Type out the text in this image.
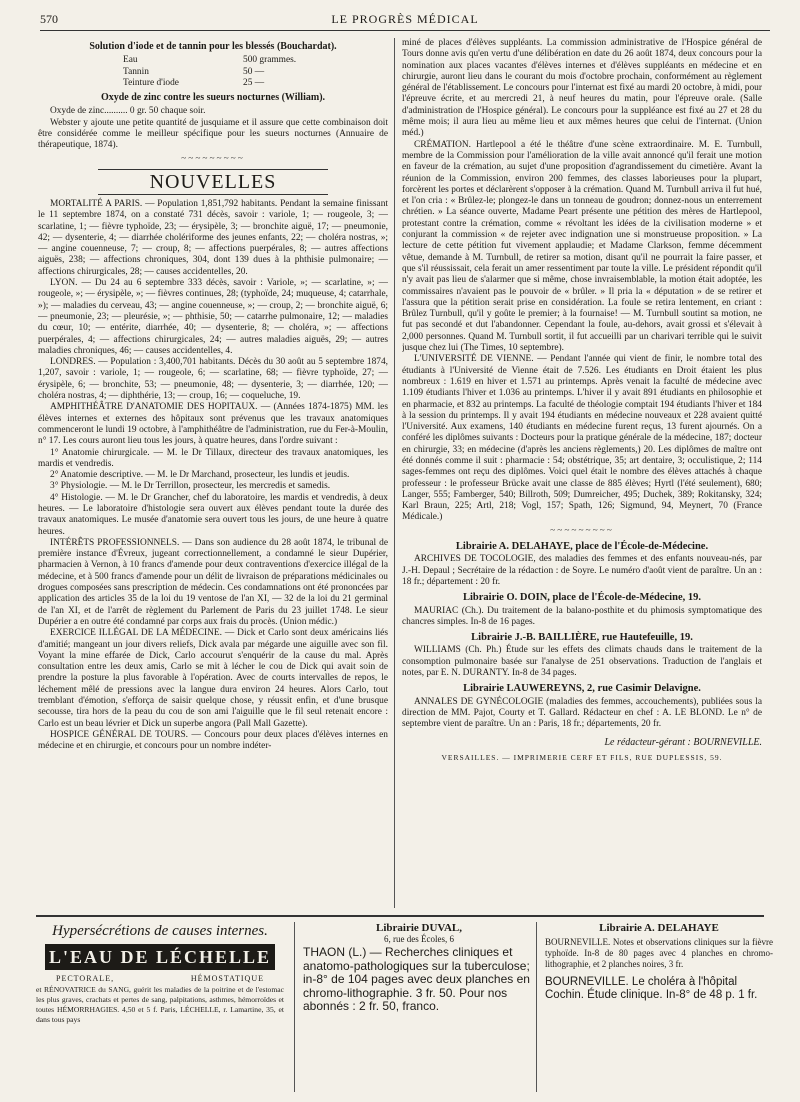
570	LE PROGRÈS MÉDICAL

Solution d'iode et de tannin pour les blessés (Bouchardat).

Eau	500 grammes.
Tannin	50 —
Teinture d'iode	25 —

Oxyde de zinc contre les sueurs nocturnes (William).

Oxyde de zinc.......... 0 gr. 50 chaque soir.

Webster y ajoute une petite quantité de jusquiame et il assure que cette combinaison doit être considérée comme le meilleur spécifique pour les sueurs nocturnes (Annuaire de thérapeutique, 1874).

~~~~~~~~~
NOUVELLES

MORTALITÉ A PARIS. — Population 1,851,792 habitants. Pendant la semaine finissant le 11 septembre 1874, on a constaté 731 décès, savoir : variole, 1; — rougeole, 3; — scarlatine, 1; — fièvre typhoïde, 23; — érysipèle, 3; — bronchite aiguë, 17; — pneumonie, 42; — dysenterie, 4; — diarrhée cholériforme des jeunes enfants, 22; — choléra nostras, »; — angine couenneuse, 7; — croup, 8; — affections puerpérales, 8; — autres affections aiguës, 238; — affections chroniques, 304, dont 139 dues à la phthisie pulmonaire; — affections chirurgicales, 28; — causes accidentelles, 20.

LYON. — Du 24 au 6 septembre 333 décès, savoir : Variole, »; — scarlatine, »; — rougeole, »; — érysipèle, »; — fièvres continues, 28; (typhoïde, 24; muqueuse, 4; catarrhale, »); — maladies du cerveau, 43; — angine couenneuse, »; — croup, 2; — bronchite aiguë, 6; — pneumonie, 23; — pleurésie, »; — phthisie, 50; — catarrhe pulmonaire, 12; — maladies du cœur, 10; — entérite, diarrhée, 40; — dysenterie, 8; — choléra, »; — affections puerpérales, 4; — affections chirurgicales, 24; — autres maladies aiguës, 29; — autres maladies chroniques, 46; — causes accidentelles, 4.

LONDRES. — Population : 3,400,701 habitants. Décès du 30 août au 5 septembre 1874, 1,207, savoir : variole, 1; — rougeole, 6; — scarlatine, 68; — fièvre typhoïde, 27; — érysipèle, 6; — bronchite, 53; — pneumonie, 48; — dysenterie, 3; — diarrhée, 120; — choléra nostras, 4; — diphthérie, 13; — croup, 16; — coqueluche, 19.

AMPHITHÉÂTRE D'ANATOMIE DES HOPITAUX. — (Années 1874-1875) MM. les élèves internes et externes des hôpitaux sont prévenus que les travaux anatomiques commenceront le lundi 19 octobre, à l'amphithéâtre de l'administration, rue du Fer-à-Moulin, n° 17. Les cours auront lieu tous les jours, à quatre heures, dans l'ordre suivant :

1° Anatomie chirurgicale. — M. le Dr Tillaux, directeur des travaux anatomiques, les mardis et vendredis.

2° Anatomie descriptive. — M. le Dr Marchand, prosecteur, les lundis et jeudis.

3° Physiologie. — M. le Dr Terrillon, prosecteur, les mercredis et samedis.

4° Histologie. — M. le Dr Grancher, chef du laboratoire, les mardis et vendredis, à deux heures. — Le laboratoire d'histologie sera ouvert aux élèves pendant toute la durée des travaux anatomiques. Le musée d'anatomie sera ouvert tous les jours, de une heure à quatre heures.

INTÉRÊTS PROFESSIONNELS. — Dans son audience du 28 août 1874, le tribunal de première instance d'Évreux, jugeant correctionnellement, a condamné le sieur Dupérier, pharmacien à Vernon, à 10 francs d'amende pour deux contraventions d'exercice illégal de la médecine, et à 500 francs d'amende pour un délit de livraison de préparations médicinales ou drogues composées sans prescription de médecin. Ces condamnations ont été prononcées par application des articles 35 de la loi du 19 ventose de l'an XI, — 32 de la loi du 21 germinal de l'an XI, et de l'arrêt de règlement du Parlement de Paris du 23 juillet 1748. Le sieur Dupérier a en outre été condamné par corps aux frais du procès. (Union médic.)

EXERCICE ILLÉGAL DE LA MÉDECINE. — Dick et Carlo sont deux américains liés d'amitié; mangeant un jour divers reliefs, Dick avala par mégarde une aiguille avec son fil. Voyant la mine effarée de Dick, Carlo accourut s'enquérir de la cause du mal. Après consultation entre les deux amis, Carlo se mit à lécher le cou de Dick qui avait soin de prendre la posture la plus favorable à l'opération. Avec de courts intervalles de repos, le léchement mêlé de pressions avec la langue dura environ 24 heures. Alors Carlo, tout tremblant d'émotion, s'efforça de saisir quelque chose, y réussit enfin, et d'une brusque secousse, tira hors de la peau du cou de son ami l'aiguille que le fil seul retenait encore : Carlo est un beau lévrier et Dick un superbe angora (Pall Mall Gazette).

HOSPICE GÉNÉRAL DE TOURS. — Concours pour deux places d'élèves internes en médecine et en chirurgie, et concours pour un nombre indéter-

miné de places d'élèves suppléants. La commission administrative de l'Hospice général de Tours donne avis qu'en vertu d'une délibération en date du 26 août 1874, deux concours pour la nomination aux places vacantes d'élèves internes et d'élèves suppléants en médecine et en chirurgie, auront lieu dans le courant du mois d'octobre prochain, conformément au règlement général de l'établissement. Le concours pour l'internat est fixé au mardi 20 octobre, à midi, pour l'épreuve écrite, et au mercredi 21, à neuf heures du matin, pour l'épreuve orale. (Salle d'administration de l'Hospice général). Le concours pour la suppléance est fixé au 27 et 28 du même mois; il aura lieu au même lieu et aux mêmes heures que celui de l'internat. (Union méd.)

CRÉMATION. Hartlepool a été le théâtre d'une scène extraordinaire. M. E. Turnbull, membre de la Commission pour l'amélioration de la ville avait annoncé qu'il ferait une motion en faveur de la crémation, au sujet d'une proposition d'agrandissement du cimetière. Avant la réunion de la Commission, environ 200 femmes, des classes laborieuses pour la plupart, forcèrent les portes et déclarèrent s'opposer à la crémation. Quand M. Turnbull arriva il fut hué, et l'on cria : « Brûlez-le; plongez-le dans un tonneau de goudron; donnez-nous un enterrement chrétien. » La séance ouverte, Madame Peart présente une pétition des mères de Hartlepool, protestant contre la crémation, comme « révoltant les idées de la civilisation moderne » et conjurant la commission « de rejeter avec indignation une si monstrueuse proposition. » La lecture de cette pétition fut vivement applaudie; et Madame Clarkson, femme décemment vêtue, demande à M. Turnbull, de retirer sa motion, disant qu'il ne pourrait la faire passer, et que s'il réussissait, cela ferait un amer ressentiment par toute la ville. Le président répondit qu'il n'y avait pas lieu de s'alarmer que si même, chose invraisemblable, la motion était adoptée, les commissaires n'avaient pas le pouvoir de « brûler. » Il pria la « députation » de se retirer et l'assura que la pétition serait prise en considération. La foule se retira lentement, en criant : Brûlez Turnbull, qu'il y goûte le premier; à la fournaise! — M. Turnbull soutint sa motion, ne fut pas secondé et dut l'abandonner. Cependant la foule, au-dehors, avait grossi et s'élevait à 2,000 personnes. Quand M. Turnbull sortit, il fut accueilli par un charivari terrible qui le suivit jusque chez lui (The Times, 10 septembre).

L'UNIVERSITÉ DE VIENNE. — Pendant l'année qui vient de finir, le nombre total des étudiants à l'Université de Vienne était de 7.526. Les étudiants en Droit étaient les plus nombreux : 1.619 en hiver et 1.571 au printemps. Après venait la faculté de médecine avec 1.109 étudiants l'hiver et 1.036 au printemps. L'hiver il y avait 891 étudiants en philosophie et en pharmacie, et 832 au printemps. La faculté de théologie comptait 194 étudiants l'hiver et 184 à la session du printemps. Il y avait 194 étudiants en médecine nouveaux et 228 avaient quitté l'Université. Aux examens, 140 étudiants en médecine furent reçus, 13 furent ajournés. On a conféré les diplômes suivants : Docteurs pour la pratique générale de la médecine, 187; docteur en chirurgie, 33; en médecine (d'après les anciens règlements,) 20. Les diplômes de maître ont été donnés comme il suit : pharmacie : 54; obstétrique, 35; art dentaire, 3; occulistique, 2; 114 sages-femmes ont reçu des diplômes. Voici quel était le nombre des élèves attachés à chaque professeur : le professeur Brücke avait une classe de 885 élèves; Hyrtl (l'été seulement), 680; Langer, 555; Famberger, 540; Billroth, 509; Dumreicher, 495; Duchek, 389; Rokitansky, 324; Karl Braun, 225; Artl, 218; Vogl, 157; Spath, 126; Sigmund, 94, Meynert, 70 (France Médicale.)

~~~~~~~~~

Librairie A. DELAHAYE, place de l'École-de-Médecine.

ARCHIVES DE TOCOLOGIE, des maladies des femmes et des enfants nouveau-nés, par J.-H. Depaul ; Secrétaire de la rédaction : de Soyre. Le numéro d'août vient de paraître. Un an : 18 fr.; département : 20 fr.

Librairie O. DOIN, place de l'École-de-Médecine, 19.

MAURIAC (Ch.). Du traitement de la balano-posthite et du phimosis symptomatique des chancres simples. In-8 de 16 pages.

Librairie J.-B. BAILLIÈRE, rue Hautefeuille, 19.

WILLIAMS (Ch. Ph.) Étude sur les effets des climats chauds dans le traitement de la consomption pulmonaire basée sur l'analyse de 251 observations. Traduction de l'anglais et notes, par E. N. DURANTY. In-8 de 34 pages.

Librairie LAUWEREYNS, 2, rue Casimir Delavigne.

ANNALES DE GYNÉCOLOGIE (maladies des femmes, accouchements), publiées sous la direction de MM. Pajot, Courty et T. Gallard. Rédacteur en chef : A. LE BLOND. Le n° de septembre vient de paraître. Un an : Paris, 18 fr.; départements, 20 fr.

Le rédacteur-gérant : BOURNEVILLE.

VERSAILLES. — IMPRIMERIE CERF ET FILS, RUE DUPLESSIS, 59.

Hypersécrétions de causes internes.
L'EAU DE LÉCHELLE
PECTORALE,	HÉMOSTATIQUE
et RÉNOVATRICE du SANG, guérit les maladies de la poitrine et de l'estomac les plus graves, crachats et pertes de sang, palpitations, asthmes, hémorroïdes et toutes HÉMORRHAGIES. 4,50 et 5 f. Paris, LÉCHELLE, r. Lamartine, 35, et dans tous pays
Librairie DUVAL,
6, rue des Écoles, 6
THAON (L.) — Recherches cliniques et anatomo-pathologiques sur la tuberculose; in-8° de 104 pages avec deux planches en chromo-lithographie. 3 fr. 50. Pour nos abonnés : 2 fr. 50, franco.
Librairie A. DELAHAYE
BOURNEVILLE. Notes et observations cliniques sur la fièvre typhoïde. In-8 de 80 pages avec 4 planches en chromo-lithographie, et 2 planches noires, 3 fr.
BOURNEVILLE. Le choléra à l'hôpital Cochin. Étude clinique. In-8° de 48 p. 1 fr.
